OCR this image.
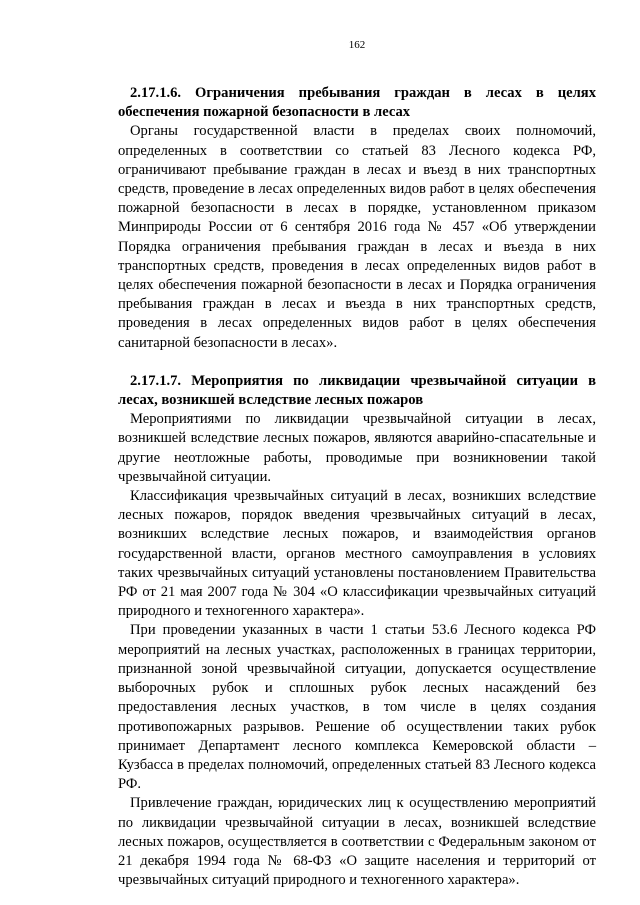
162

2.17.1.6. Ограничения пребывания граждан в лесах в целях обеспечения пожарной безопасности в лесах

Органы государственной власти в пределах своих полномочий, определенных в соответствии со статьей 83 Лесного кодекса РФ, ограничивают пребывание граждан в лесах и въезд в них транспортных средств, проведение в лесах определенных видов работ в целях обеспечения пожарной безопасности в лесах в порядке, установленном приказом Минприроды России от 6 сентября 2016 года № 457 «Об утверждении Порядка ограничения пребывания граждан в лесах и въезда в них транспортных средств, проведения в лесах определенных видов работ в целях обеспечения пожарной безопасности в лесах и Порядка ограничения пребывания граждан в лесах и въезда в них транспортных средств, проведения в лесах определенных видов работ в целях обеспечения санитарной безопасности в лесах».

2.17.1.7. Мероприятия по ликвидации чрезвычайной ситуации в лесах, возникшей вследствие лесных пожаров

Мероприятиями по ликвидации чрезвычайной ситуации в лесах, возникшей вследствие лесных пожаров, являются аварийно-спасательные и другие неотложные работы, проводимые при возникновении такой чрезвычайной ситуации.

Классификация чрезвычайных ситуаций в лесах, возникших вследствие лесных пожаров, порядок введения чрезвычайных ситуаций в лесах, возникших вследствие лесных пожаров, и взаимодействия органов государственной власти, органов местного самоуправления в условиях таких чрезвычайных ситуаций установлены постановлением Правительства РФ от 21 мая 2007 года № 304 «О классификации чрезвычайных ситуаций природного и техногенного характера».

При проведении указанных в части 1 статьи 53.6 Лесного кодекса РФ мероприятий на лесных участках, расположенных в границах территории, признанной зоной чрезвычайной ситуации, допускается осуществление выборочных рубок и сплошных рубок лесных насаждений без предоставления лесных участков, в том числе в целях создания противопожарных разрывов. Решение об осуществлении таких рубок принимает Департамент лесного комплекса Кемеровской области – Кузбасса в пределах полномочий, определенных статьей 83 Лесного кодекса РФ.

Привлечение граждан, юридических лиц к осуществлению мероприятий по ликвидации чрезвычайной ситуации в лесах, возникшей вследствие лесных пожаров, осуществляется в соответствии с Федеральным законом от 21 декабря 1994 года № 68-ФЗ «О защите населения и территорий от чрезвычайных ситуаций природного и техногенного характера».
